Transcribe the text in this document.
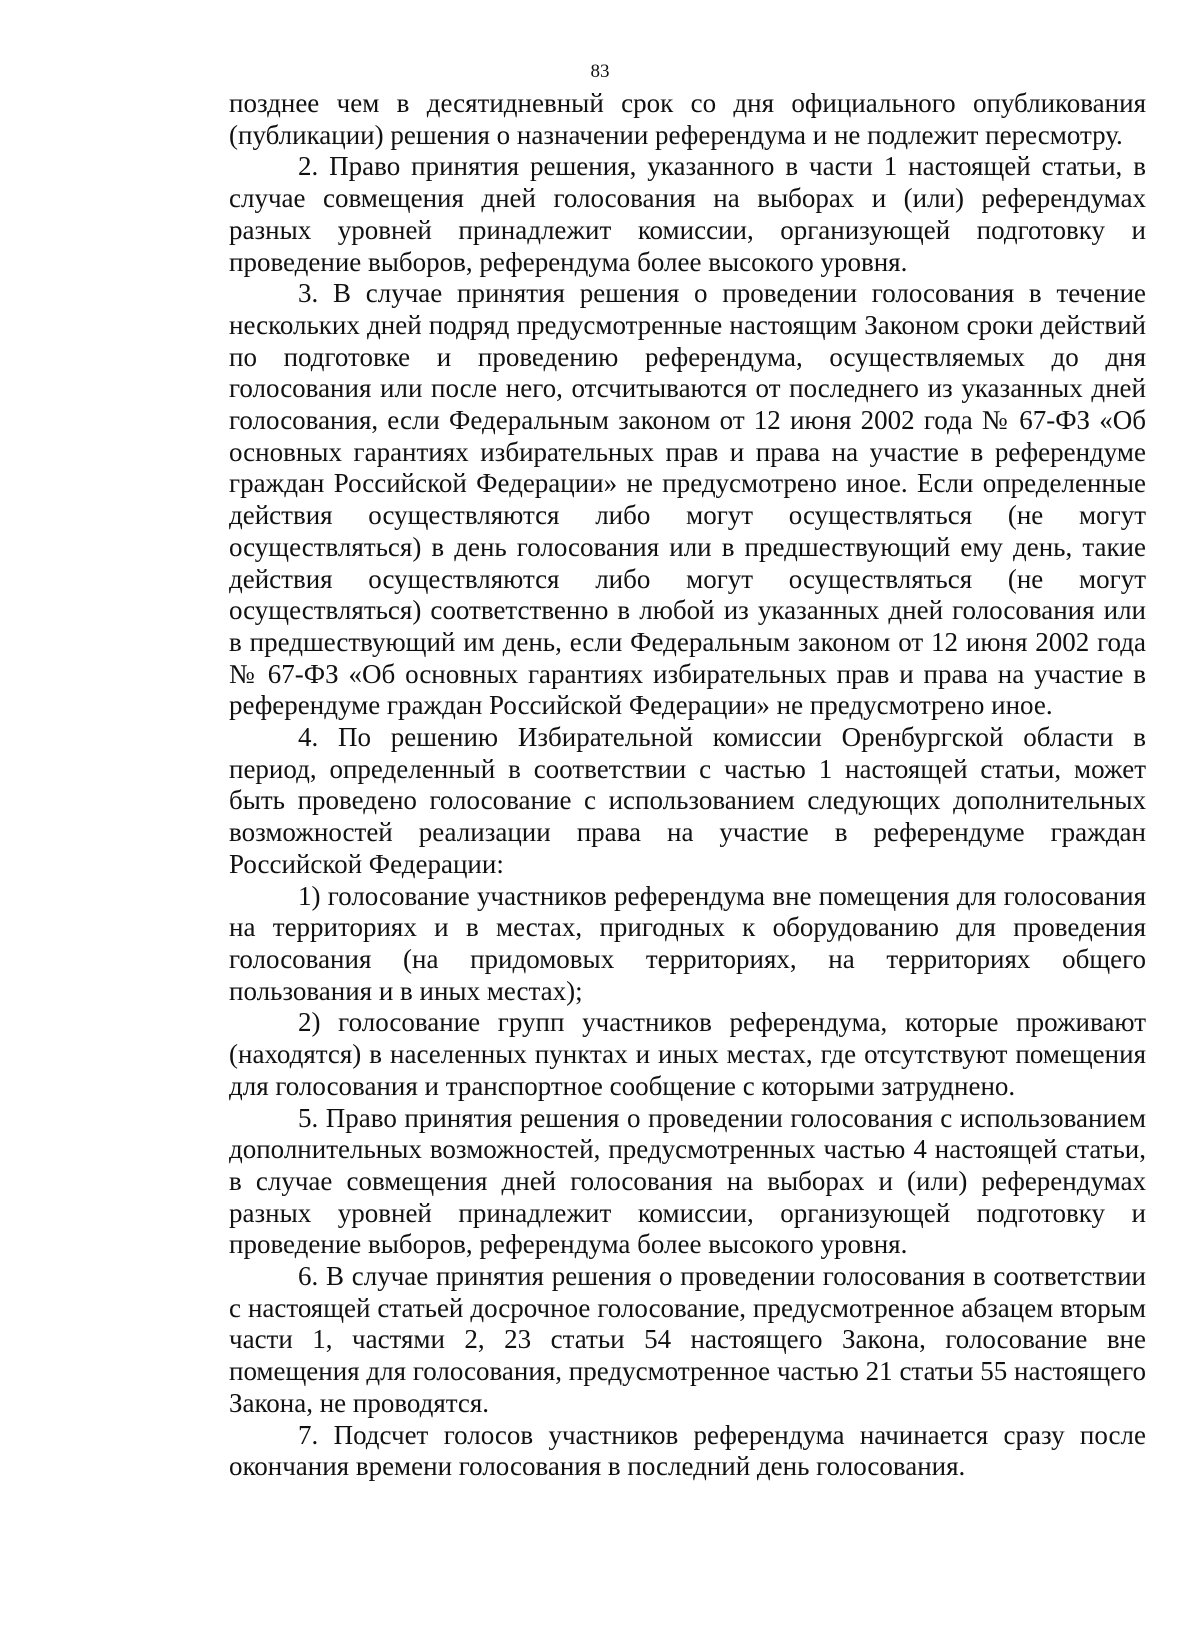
83

позднее чем в десятидневный срок со дня официального опубликования (публикации) решения о назначении референдума и не подлежит пересмотру.

2. Право принятия решения, указанного в части 1 настоящей статьи, в случае совмещения дней голосования на выборах и (или) референдумах разных уровней принадлежит комиссии, организующей подготовку и проведение выборов, референдума более высокого уровня.

3. В случае принятия решения о проведении голосования в течение нескольких дней подряд предусмотренные настоящим Законом сроки действий по подготовке и проведению референдума, осуществляемых до дня голосования или после него, отсчитываются от последнего из указанных дней голосования, если Федеральным законом от 12 июня 2002 года № 67-ФЗ «Об основных гарантиях избирательных прав и права на участие в референдуме граждан Российской Федерации» не предусмотрено иное. Если определенные действия осуществляются либо могут осуществляться (не могут осуществляться) в день голосования или в предшествующий ему день, такие действия осуществляются либо могут осуществляться (не могут осуществляться) соответственно в любой из указанных дней голосования или в предшествующий им день, если Федеральным законом от 12 июня 2002 года № 67-ФЗ «Об основных гарантиях избирательных прав и права на участие в референдуме граждан Российской Федерации» не предусмотрено иное.

4. По решению Избирательной комиссии Оренбургской области в период, определенный в соответствии с частью 1 настоящей статьи, может быть проведено голосование с использованием следующих дополнительных возможностей реализации права на участие в референдуме граждан Российской Федерации:

1) голосование участников референдума вне помещения для голосования на территориях и в местах, пригодных к оборудованию для проведения голосования (на придомовых территориях, на территориях общего пользования и в иных местах);

2) голосование групп участников референдума, которые проживают (находятся) в населенных пунктах и иных местах, где отсутствуют помещения для голосования и транспортное сообщение с которыми затруднено.

5. Право принятия решения о проведении голосования с использованием дополнительных возможностей, предусмотренных частью 4 настоящей статьи, в случае совмещения дней голосования на выборах и (или) референдумах разных уровней принадлежит комиссии, организующей подготовку и проведение выборов, референдума более высокого уровня.

6. В случае принятия решения о проведении голосования в соответствии с настоящей статьей досрочное голосование, предусмотренное абзацем вторым части 1, частями 2, 23 статьи 54 настоящего Закона, голосование вне помещения для голосования, предусмотренное частью 21 статьи 55 настоящего Закона, не проводятся.

7. Подсчет голосов участников референдума начинается сразу после окончания времени голосования в последний день голосования.
